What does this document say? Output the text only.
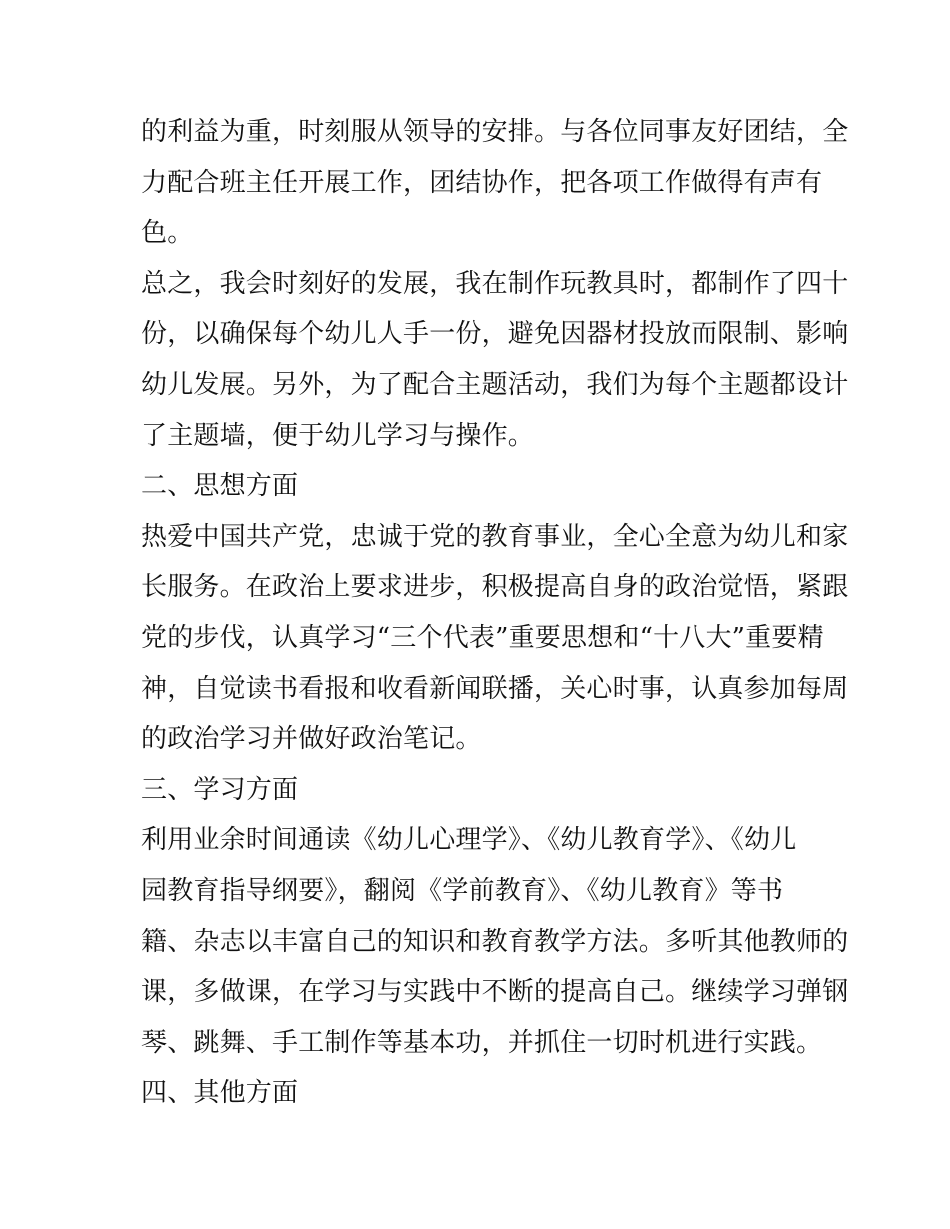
的利益为重，时刻服从领导的安排。与各位同事友好团结，全
力配合班主任开展工作，团结协作，把各项工作做得有声有
色。
总之，我会时刻好的发展，我在制作玩教具时，都制作了四十
份，以确保每个幼儿人手一份，避免因器材投放而限制、影响
幼儿发展。另外，为了配合主题活动，我们为每个主题都设计
了主题墙，便于幼儿学习与操作。
二、思想方面
热爱中国共产党，忠诚于党的教育事业，全心全意为幼儿和家
长服务。在政治上要求进步，积极提高自身的政治觉悟，紧跟
党的步伐，认真学习“三个代表”重要思想和“十八大”重要精
神，自觉读书看报和收看新闻联播，关心时事，认真参加每周
的政治学习并做好政治笔记。
三、学习方面
利用业余时间通读《幼儿心理学》、《幼儿教育学》、《幼儿
园教育指导纲要》，翻阅《学前教育》、《幼儿教育》等书
籍、杂志以丰富自己的知识和教育教学方法。多听其他教师的
课，多做课，在学习与实践中不断的提高自己。继续学习弹钢
琴、跳舞、手工制作等基本功，并抓住一切时机进行实践。
四、其他方面
